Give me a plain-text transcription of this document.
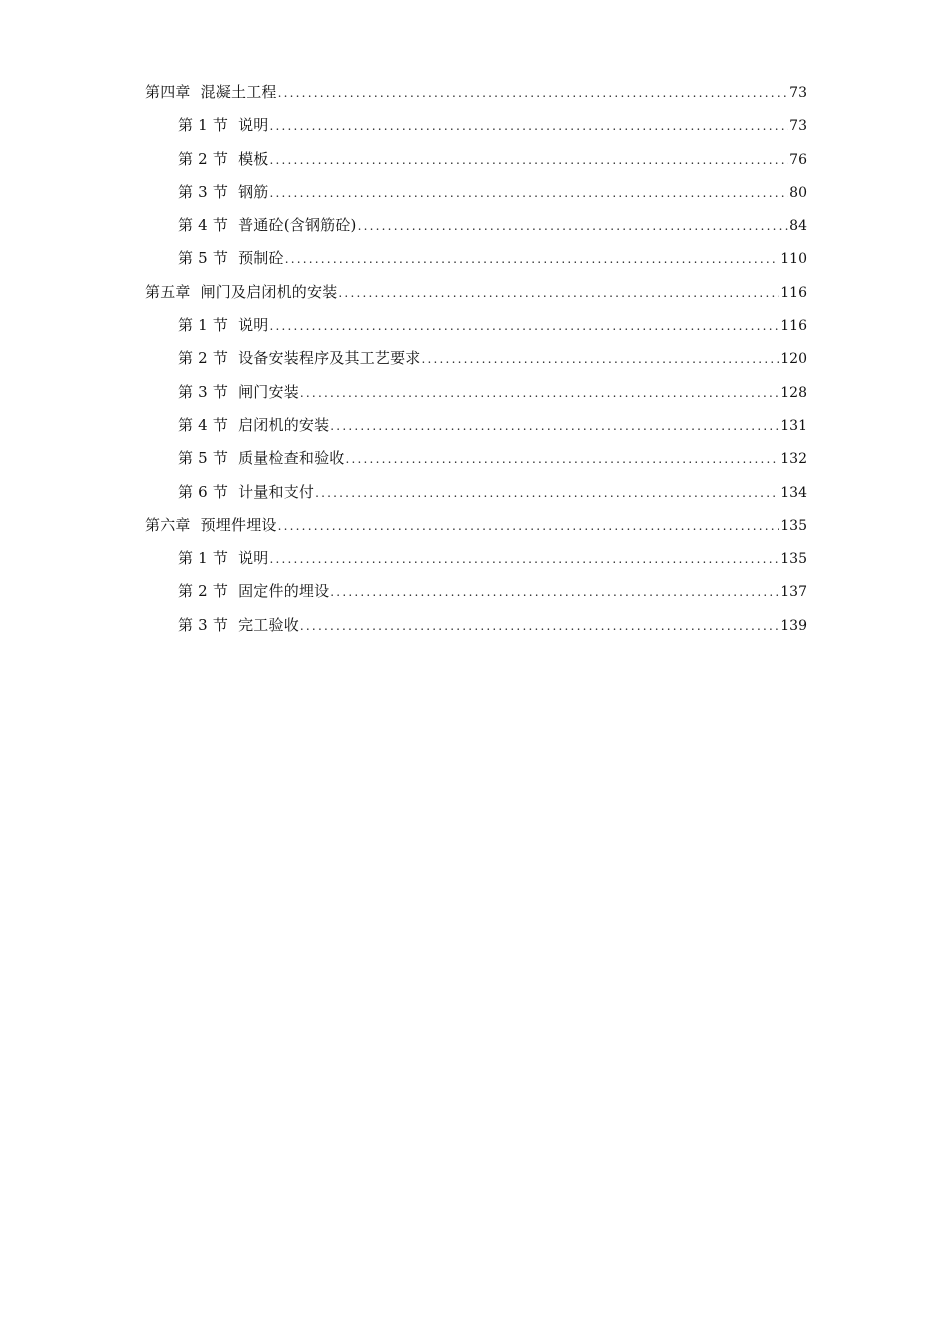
第四章 混凝土工程 .....	73
第 1 节 说明 .....	73
第 2 节 模板 .....	76
第 3 节 钢筋 .....	80
第 4 节 普通砼(含钢筋砼) .....	84
第 5 节 预制砼 .....	110
第五章 闸门及启闭机的安装 .....	116
第 1 节 说明 .....	116
第 2 节 设备安装程序及其工艺要求 .....	120
第 3 节 闸门安装 .....	128
第 4 节 启闭机的安装 .....	131
第 5 节 质量检查和验收 .....	132
第 6 节 计量和支付 .....	134
第六章 预埋件埋设 .....	135
第 1 节 说明 .....	135
第 2 节 固定件的埋设 .....	137
第 3 节 完工验收 .....	139
